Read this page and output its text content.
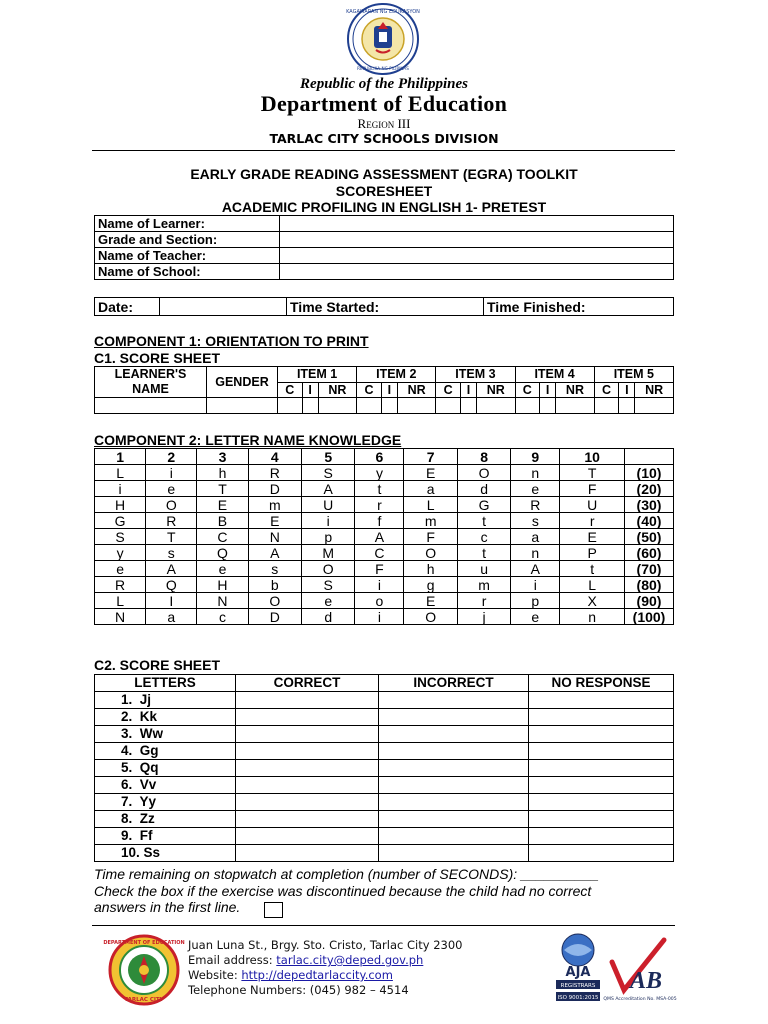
KAGAWARAN NG EDUKASYON
REPUBLIKA NG PILIPINAS
Republic of the Philippines
Department of Education
Region III
TARLAC CITY SCHOOLS DIVISION
EARLY GRADE READING ASSESSMENT (EGRA) TOOLKIT
SCORESHEET
ACADEMIC PROFILING IN ENGLISH 1- PRETEST
Name of Learner:	
Grade and Section:	
Name of Teacher:	
Name of School:	
Date:		Time Started:	Time Finished:
COMPONENT 1: ORIENTATION TO PRINT
C1. SCORE SHEET
LEARNER'S
NAME	GENDER	ITEM 1			ITEM 2			ITEM 3			ITEM 4			ITEM 5		
		C	I	NR	C	I	NR	C	I	NR	C	I	NR	C	I	NR

COMPONENT 2: LETTER NAME KNOWLEDGE
1	2	3	4	5	6	7	8	9	10	
L	i	h	R	S	y	E	O	n	T	(10)
i	e	T	D	A	t	a	d	e	F	(20)
H	O	E	m	U	r	L	G	R	U	(30)
G	R	B	E	i	f	m	t	s	r	(40)
S	T	C	N	p	A	F	c	a	E	(50)
y	s	Q	A	M	C	O	t	n	P	(60)
e	A	e	s	O	F	h	u	A	t	(70)
R	Q	H	b	S	i	g	m	i	L	(80)
L	I	N	O	e	o	E	r	p	X	(90)
N	a	c	D	d	i	O	j	e	n	(100)
C2. SCORE SHEET
LETTERS	CORRECT	INCORRECT	NO RESPONSE
1.  Jj			
2.  Kk			
3.  Ww			
4.  Gg			
5.  Qq			
6.  Vv			
7.  Yy			
8.  Zz			
9.  Ff			
10. Ss			
Time remaining on stopwatch at completion (number of SECONDS): __________
Check the box if the exercise was discontinued because the child had no correct
answers in the first line.
DEPARTMENT OF EDUCATION
TARLAC CITY
Juan Luna St., Brgy. Sto. Cristo, Tarlac City 2300
Email address: tarlac.city@deped.gov.ph
Website: http://depedtarlaccity.com
Telephone Numbers: (045) 982 – 4514
AJA
REGISTRARS
ISO 9001:2015
AB
QMS Accreditation No. MSA-005
